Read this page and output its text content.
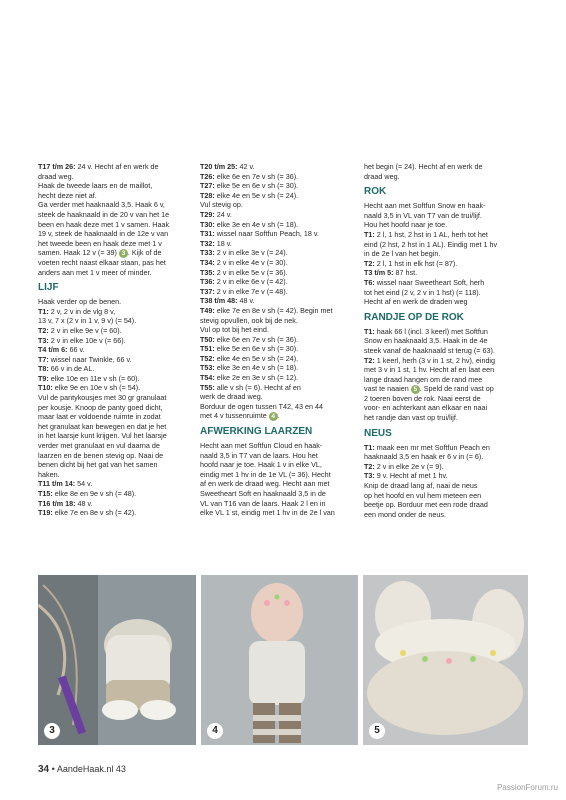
T17 t/m 26: 24 v. Hecht af en werk de
draad weg.
Haak de tweede laars en de maillot,
hecht deze niet af.
Ga verder met haaknaald 3,5. Haak 6 v,
steek de haaknaald in de 20 v van het 1e
been en haak deze met 1 v samen. Haak
19 v, steek de haaknaald in de 12e v van
het tweede been en haak deze met 1 v
samen. Haak 12 v (= 39) 3 . Kijk of de
voeten recht naast elkaar staan, pas het
anders aan met 1 v meer of minder.
LIJF
Haak verder op de benen.
T1: 2 v, 2 v in de vlg 8 v,
13 v, 7 x (2 v in 1 v, 9 v) (= 54).
T2: 2 v in elke 9e v (= 60).
T3: 2 v in elke 10e v (= 66).
T4 t/m 6: 66 v.
T7: wissel naar Twinkle, 66 v.
T8: 66 v in de AL.
T9: elke 10e en 11e v sh (= 60).
T10: elke 9e en 10e v sh (= 54).
Vul de pantykousjes met 30 gr granulaat
per kousje. Knoop de panty goed dicht,
maar laat er voldoende ruimte in zodat
het granulaat kan bewegen en dat je het
in het laarsje kunt krijgen. Vul het laarsje
verder met granulaat en vul daarna de
laarzen en de benen stevig op. Naai de
benen dicht bij het gat van het samen
haken.
T11 t/m 14: 54 v.
T15: elke 8e en 9e v sh (= 48).
T16 t/m 18: 48 v.
T19: elke 7e en 8e v sh (= 42).
T20 t/m 25: 42 v.
T26: elke 6e en 7e v sh (= 36).
T27: elke 5e en 6e v sh (= 30).
T28: elke 4e en 5e v sh (= 24).
Vul stevig op.
T29: 24 v.
T30: elke 3e en 4e v sh (= 18).
T31: wissel naar Softfun Peach, 18 v.
T32: 18 v.
T33: 2 v in elke 3e v (= 24).
T34: 2 v in elke 4e v (= 30).
T35: 2 v in elke 5e v (= 36).
T36: 2 v in elke 6e v (= 42).
T37: 2 v in elke 7e v (= 48).
T38 t/m 48: 48 v.
T49: elke 7e en 8e v sh (= 42). Begin met
stevig opvullen, ook bij de nek.
Vul op tot bij het eind.
T50: elke 6e en 7e v sh (= 36).
T51: elke 5e en 6e v sh (= 30).
T52: elke 4e en 5e v sh (= 24).
T53: elke 3e en 4e v sh (= 18).
T54: elke 2e en 3e v sh (= 12).
T55: alle v sh (= 6). Hecht af en
werk de draad weg.
Borduur de ogen tussen T42, 43 en 44
met 4 v tussenruimte 4 .
AFWERKING LAARZEN
Hecht aan met Softfun Cloud en haak-
naald 3,5 in T7 van de laars. Hou het
hoofd naar je toe. Haak 1 v in elke VL,
eindig met 1 hv in de 1e VL (= 36). Hecht
af en werk de draad weg. Hecht aan met
Sweetheart Soft en haaknaald 3,5 in de
VL van T16 van de laars. Haak 2 l en in
elke VL 1 st, eindig met 1 hv in de 2e l van
het begin (= 24). Hecht af en werk de
draad weg.
ROK
Hecht aan met Softfun Snow en haak-
naald 3,5 in VL van T7 van de trui/lijf.
Hou het hoofd naar je toe.
T1: 2 l, 1 hst, 2 hst in 1 AL, herh tot het
eind (2 hst, 2 hst in 1 AL). Eindig met 1 hv
in de 2e l van het begin.
T2: 2 l, 1 hst in elk hst (= 87).
T3 t/m 5: 87 hst.
T6: wissel naar Sweetheart Soft, herh
tot het eind (2 v, 2 v in 1 hst) (= 118).
Hecht af en werk de draden weg
RANDJE OP DE ROK
T1: haak 66 l (incl. 3 keerl) met Softfun
Snow en haaknaald 3,5. Haak in de 4e
steek vanaf de haaknaald st terug (= 63).
T2: 1 keerl, herh (3 v in 1 st, 2 hv), eindig
met 3 v in 1 st, 1 hv. Hecht af en laat een
lange draad hangen om de rand mee
vast te naaien 5 . Speld de rand vast op
2 toeren boven de rok. Naai eerst de
voor- en achterkant aan elkaar en naai
het randje dan vast op trui/lijf.
NEUS
T1: maak een mr met Softfun Peach en
haaknaald 3,5 en haak er 6 v in (= 6).
T2: 2 v in elke 2e v (= 9).
T3: 9 v. Hecht af met 1 hv.
Knip de draad lang af, naai de neus
op het hoofd en vul hem meteen een
beetje op. Borduur met een rode draad
een mond onder de neus.
3	4	5
34 • AandeHaak.nl 43
PassionForum.ru
